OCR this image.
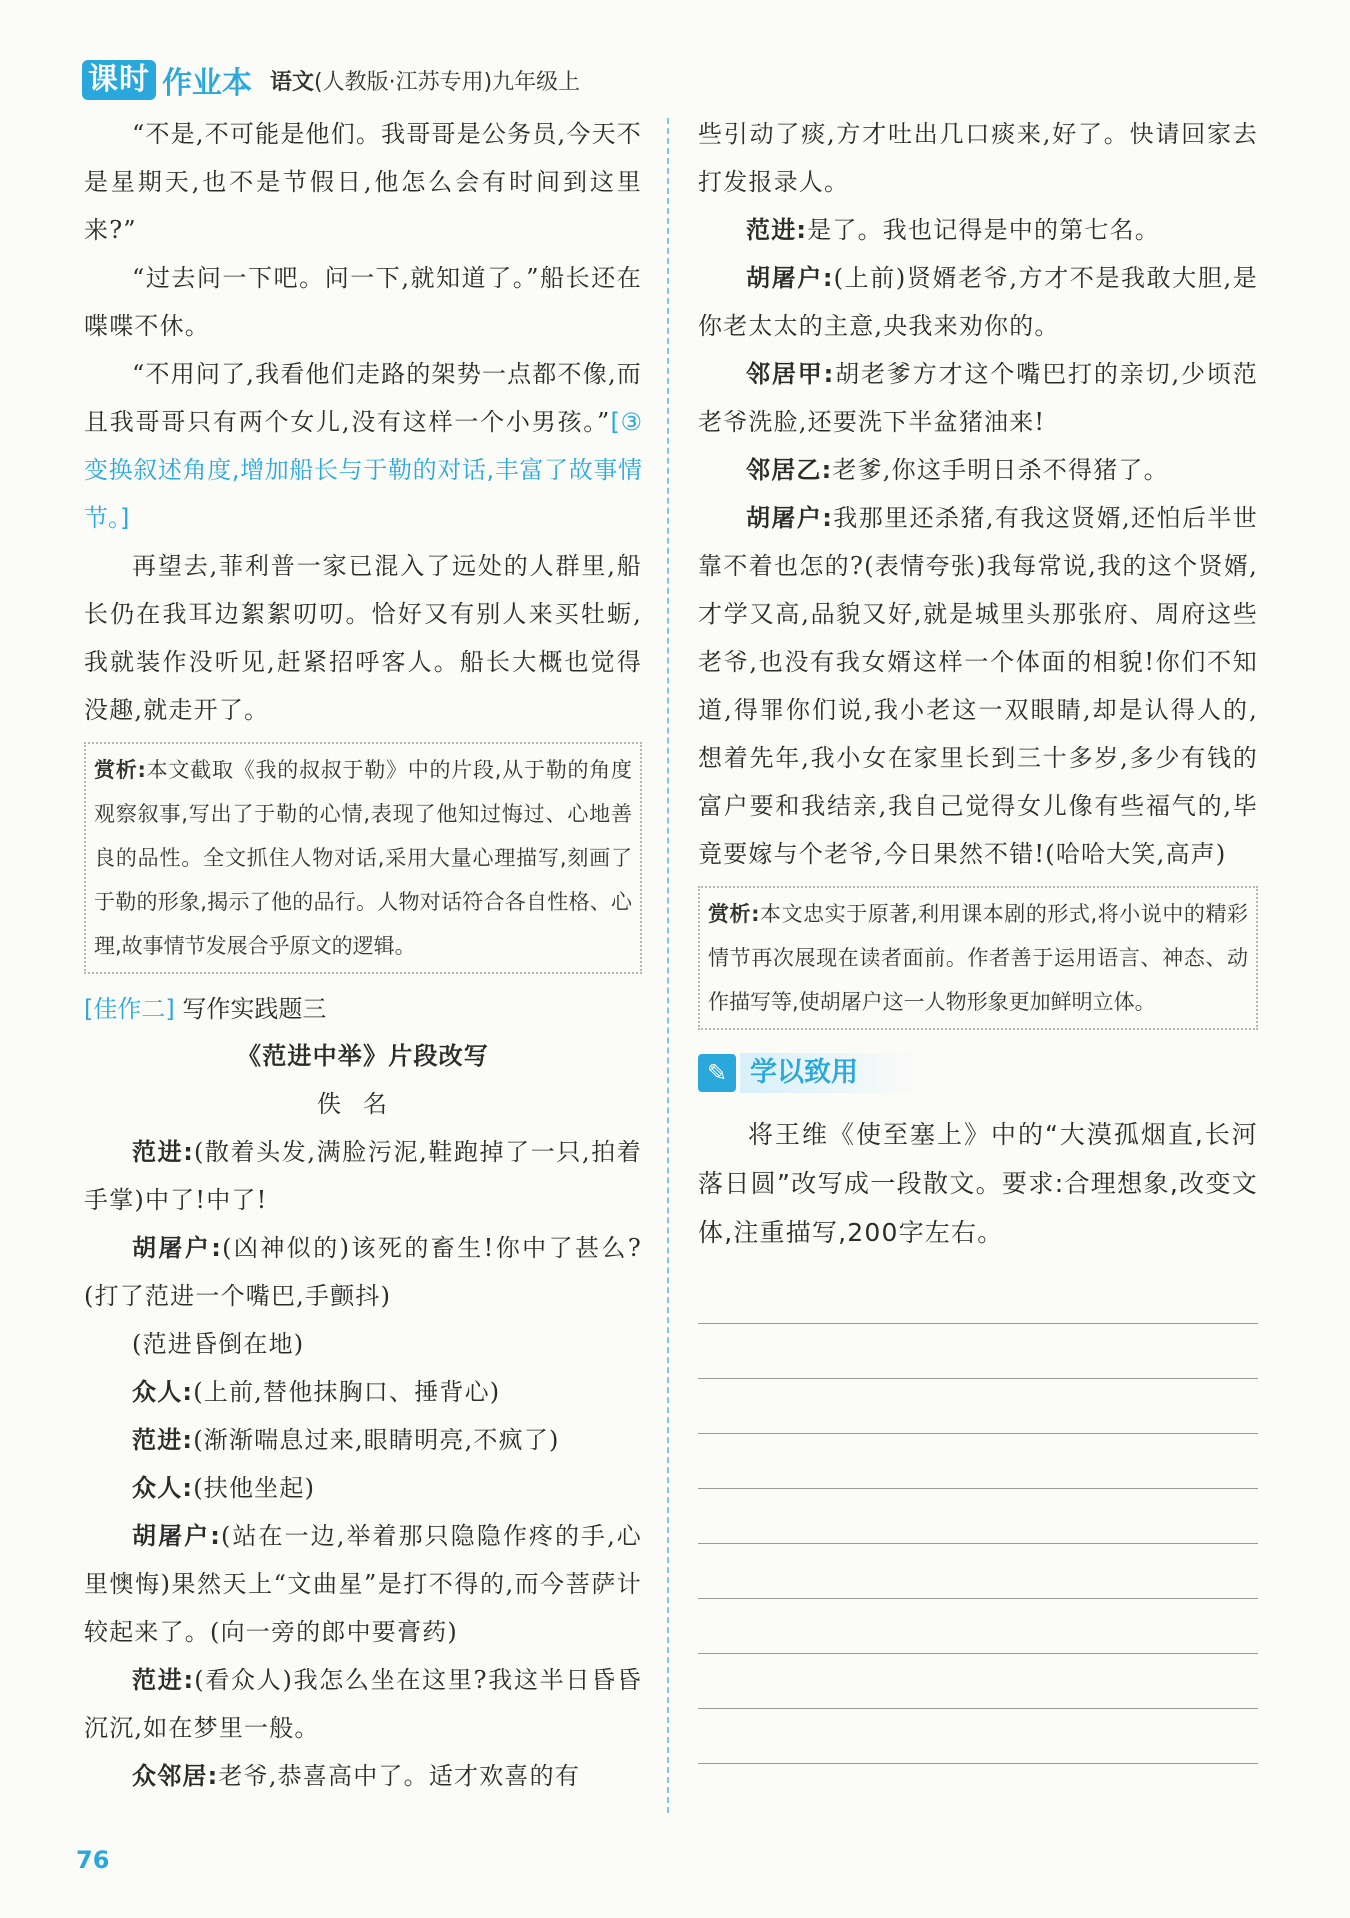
课时 作业本 语文(人教版·江苏专用)九年级上

“不是,不可能是他们。我哥哥是公务员,今天不是星期天,也不是节假日,他怎么会有时间到这里来?”

“过去问一下吧。问一下,就知道了。”船长还在喋喋不休。

“不用问了,我看他们走路的架势一点都不像,而且我哥哥只有两个女儿,没有这样一个小男孩。”[③ 变换叙述角度,增加船长与于勒的对话,丰富了故事情节。]

再望去,菲利普一家已混入了远处的人群里,船长仍在我耳边絮絮叨叨。恰好又有别人来买牡蛎,我就装作没听见,赶紧招呼客人。船长大概也觉得没趣,就走开了。

赏析:本文截取《我的叔叔于勒》中的片段,从于勒的角度观察叙事,写出了于勒的心情,表现了他知过悔过、心地善良的品性。全文抓住人物对话,采用大量心理描写,刻画了于勒的形象,揭示了他的品行。人物对话符合各自性格、心理,故事情节发展合乎原文的逻辑。
[佳作二] 写作实践题三

《范进中举》片段改写

佚名

范进:(散着头发,满脸污泥,鞋跑掉了一只,拍着手掌)中了!中了!

胡屠户:(凶神似的)该死的畜生!你中了甚么?(打了范进一个嘴巴,手颤抖)

(范进昏倒在地)

众人:(上前,替他抹胸口、捶背心)

范进:(渐渐喘息过来,眼睛明亮,不疯了)

众人:(扶他坐起)

胡屠户:(站在一边,举着那只隐隐作疼的手,心里懊悔)果然天上“文曲星”是打不得的,而今菩萨计较起来了。(向一旁的郎中要膏药)

范进:(看众人)我怎么坐在这里?我这半日昏昏沉沉,如在梦里一般。

众邻居:老爷,恭喜高中了。适才欢喜的有

些引动了痰,方才吐出几口痰来,好了。快请回家去打发报录人。

范进:是了。我也记得是中的第七名。

胡屠户:(上前)贤婿老爷,方才不是我敢大胆,是你老太太的主意,央我来劝你的。

邻居甲:胡老爹方才这个嘴巴打的亲切,少顷范老爷洗脸,还要洗下半盆猪油来!

邻居乙:老爹,你这手明日杀不得猪了。

胡屠户:我那里还杀猪,有我这贤婿,还怕后半世靠不着也怎的?(表情夸张)我每常说,我的这个贤婿,才学又高,品貌又好,就是城里头那张府、周府这些老爷,也没有我女婿这样一个体面的相貌!你们不知道,得罪你们说,我小老这一双眼睛,却是认得人的,想着先年,我小女在家里长到三十多岁,多少有钱的富户要和我结亲,我自己觉得女儿像有些福气的,毕竟要嫁与个老爷,今日果然不错!(哈哈大笑,高声)

赏析:本文忠实于原著,利用课本剧的形式,将小说中的精彩情节再次展现在读者面前。作者善于运用语言、神态、动作描写等,使胡屠户这一人物形象更加鲜明立体。
✎ 学以致用

将王维《使至塞上》中的“大漠孤烟直,长河落日圆”改写成一段散文。要求:合理想象,改变文体,注重描写,200字左右。

76
